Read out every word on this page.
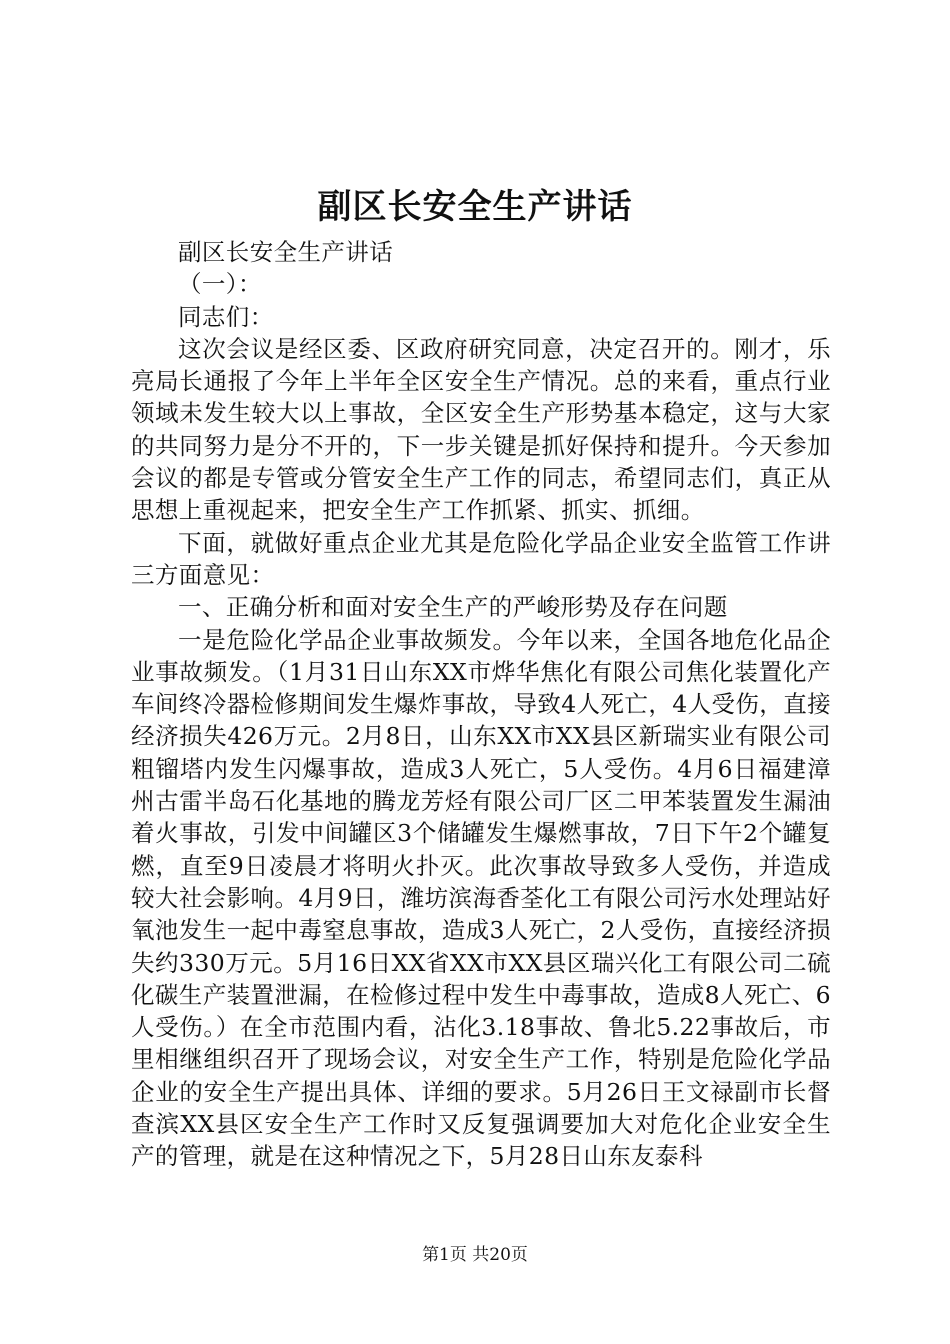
副区长安全生产讲话

副区长安全生产讲话

（一）：

同志们：

这次会议是经区委、区政府研究同意，决定召开的。刚才，乐亮局长通报了今年上半年全区安全生产情况。总的来看，重点行业领域未发生较大以上事故，全区安全生产形势基本稳定，这与大家的共同努力是分不开的，下一步关键是抓好保持和提升。今天参加会议的都是专管或分管安全生产工作的同志，希望同志们，真正从思想上重视起来，把安全生产工作抓紧、抓实、抓细。

下面，就做好重点企业尤其是危险化学品企业安全监管工作讲三方面意见：

一、正确分析和面对安全生产的严峻形势及存在问题

一是危险化学品企业事故频发。今年以来，全国各地危化品企业事故频发。（1月31日山东XX市烨华焦化有限公司焦化装置化产车间终冷器检修期间发生爆炸事故，导致4人死亡，4人受伤，直接经济损失426万元。2月8日，山东XX市XX县区新瑞实业有限公司粗镏塔内发生闪爆事故，造成3人死亡，5人受伤。4月6日福建漳州古雷半岛石化基地的腾龙芳烃有限公司厂区二甲苯装置发生漏油着火事故，引发中间罐区3个储罐发生爆燃事故，7日下午2个罐复燃，直至9日凌晨才将明火扑灭。此次事故导致多人受伤，并造成较大社会影响。4月9日，潍坊滨海香荃化工有限公司污水处理站好氧池发生一起中毒窒息事故，造成3人死亡，2人受伤，直接经济损失约330万元。5月16日XX省XX市XX县区瑞兴化工有限公司二硫化碳生产装置泄漏，在检修过程中发生中毒事故，造成8人死亡、6人受伤。）在全市范围内看，沾化3.18事故、鲁北5.22事故后，市里相继组织召开了现场会议，对安全生产工作，特别是危险化学品企业的安全生产提出具体、详细的要求。5月26日王文禄副市长督查滨XX县区安全生产工作时又反复强调要加大对危化企业安全生产的管理，就是在这种情况之下，5月28日山东友泰科

第1页 共20页
